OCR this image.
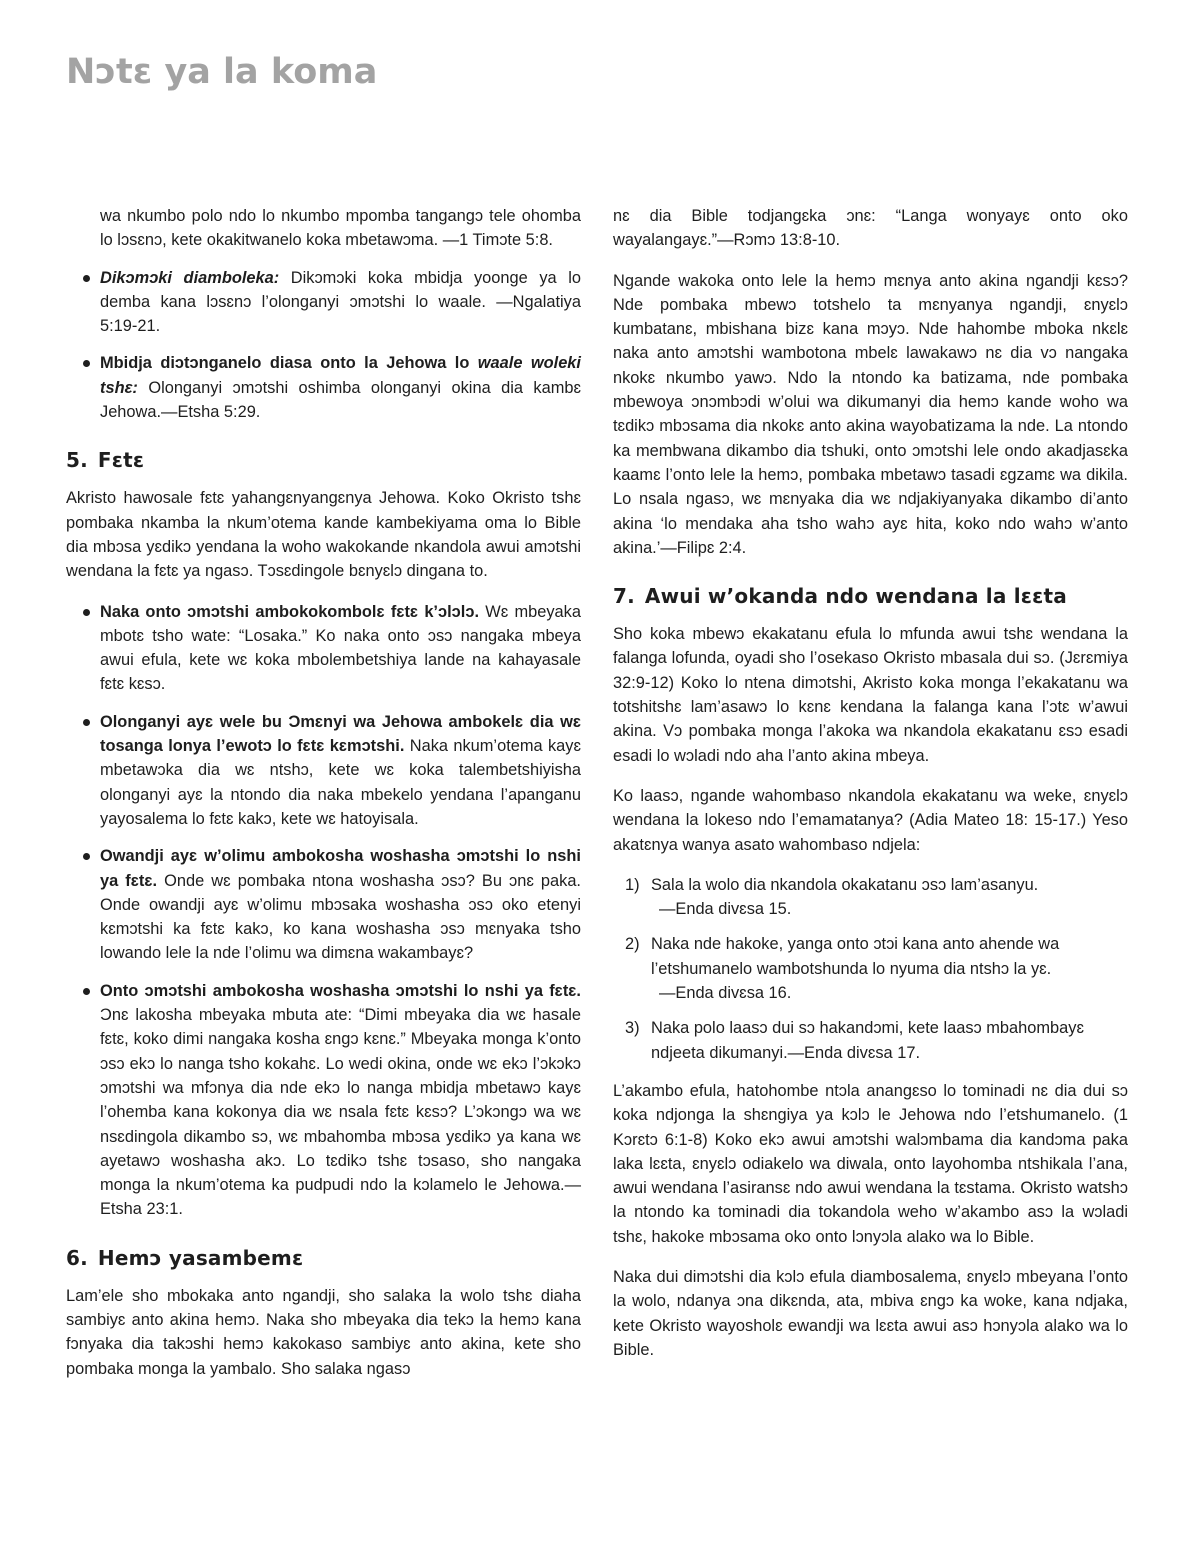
Nɔtɛ ya la koma
wa nkumbo polo ndo lo nkumbo mpomba tangangɔ tele ohomba lo lɔsɛnɔ, kete okakitwanelo koka mbetawɔma. —1 Timɔte 5:8.
Dikɔmɔki diamboleka: Dikɔmɔki koka mbidja yoonge ya lo demba kana lɔsɛnɔ l’olonganyi ɔmɔtshi lo waale. —Ngalatiya 5:19-21.
Mbidja diɔtɔnganelo diasa onto la Jehowa lo waale woleki tshɛ: Olonganyi ɔmɔtshi oshimba olonganyi okina dia kambɛ Jehowa.—Etsha 5:29.
5. Fɛtɛ

Akristo hawosale fɛtɛ yahangɛnyangɛnya Jehowa. Koko Okristo tshɛ pombaka nkamba la nkum’otema kande kambekiyama oma lo Bible dia mbɔsa yɛdikɔ yendana la woho wakokande nkandola awui amɔtshi wendana la fɛtɛ ya ngasɔ. Tɔsɛdingole bɛnyɛlɔ dingana to.

Naka onto ɔmɔtshi ambokokombolɛ fɛtɛ k’ɔlɔlɔ. Wɛ mbeyaka mbotɛ tsho wate: “Losaka.” Ko naka onto ɔsɔ nangaka mbeya awui efula, kete wɛ koka mbolembetshiya lande na kahayasale fɛtɛ kɛsɔ.
Olonganyi ayɛ wele bu Ɔmɛnyi wa Jehowa ambokelɛ dia wɛ tosanga lonya l’ewotɔ lo fɛtɛ kɛmɔtshi. Naka nkum’otema kayɛ mbetawɔka dia wɛ ntshɔ, kete wɛ koka talembetshiyisha olonganyi ayɛ la ntondo dia naka mbekelo yendana l’apanganu yayosalema lo fɛtɛ kakɔ, kete wɛ hatoyisala.
Owandji ayɛ w’olimu ambokosha woshasha ɔmɔtshi lo nshi ya fɛtɛ. Onde wɛ pombaka ntona woshasha ɔsɔ? Bu ɔnɛ paka. Onde owandji ayɛ w’olimu mbɔsaka woshasha ɔsɔ oko etenyi kɛmɔtshi ka fɛtɛ kakɔ, ko kana woshasha ɔsɔ mɛnyaka tsho lowando lele la nde l’olimu wa dimɛna wakambayɛ?
Onto ɔmɔtshi ambokosha woshasha ɔmɔtshi lo nshi ya fɛtɛ. Ɔnɛ lakosha mbeyaka mbuta ate: “Dimi mbeyaka dia wɛ hasale fɛtɛ, koko dimi nangaka kosha ɛngɔ kɛnɛ.” Mbeyaka monga k’onto ɔsɔ ekɔ lo nanga tsho kokahɛ. Lo wedi okina, onde wɛ ekɔ l’ɔkɔkɔ ɔmɔtshi wa mfɔnya dia nde ekɔ lo nanga mbidja mbetawɔ kayɛ l’ohemba kana kokonya dia wɛ nsala fɛtɛ kɛsɔ? L’ɔkɔngɔ wa wɛ nsɛdingola dikambo sɔ, wɛ mbahomba mbɔsa yɛdikɔ ya kana wɛ ayetawɔ woshasha akɔ. Lo tɛdikɔ tshɛ tɔsaso, sho nangaka monga la nkum’otema ka pudpudi ndo la kɔlamelo le Jehowa.—Etsha 23:1.
6. Hemɔ yasambemɛ

Lam’ele sho mbokaka anto ngandji, sho salaka la wolo tshɛ diaha sambiyɛ anto akina hemɔ. Naka sho mbeyaka dia tekɔ la hemɔ kana fɔnyaka dia takɔshi hemɔ kakokaso sambiyɛ anto akina, kete sho pombaka monga la yambalo. Sho salaka ngasɔ

nɛ dia Bible todjangɛka ɔnɛ: “Langa wonyayɛ onto oko wayalangayɛ.”—Rɔmɔ 13:8-10.

Ngande wakoka onto lele la hemɔ mɛnya anto akina ngandji kɛsɔ? Nde pombaka mbewɔ totshelo ta mɛnyanya ngandji, ɛnyɛlɔ kumbatanɛ, mbishana bizɛ kana mɔyɔ. Nde hahombe mboka nkɛlɛ naka anto amɔtshi wambotona mbelɛ lawakawɔ nɛ dia vɔ nangaka nkokɛ nkumbo yawɔ. Ndo la ntondo ka batizama, nde pombaka mbewoya ɔnɔmbɔdi w’olui wa dikumanyi dia hemɔ kande woho wa tɛdikɔ mbɔsama dia nkokɛ anto akina wayobatizama la nde. La ntondo ka membwana dikambo dia tshuki, onto ɔmɔtshi lele ondo akadjasɛka kaamɛ l’onto lele la hemɔ, pombaka mbetawɔ tasadi ɛgzamɛ wa dikila. Lo nsala ngasɔ, wɛ mɛnyaka dia wɛ ndjakiyanyaka dikambo di’anto akina ‘lo mendaka aha tsho wahɔ ayɛ hita, koko ndo wahɔ w’anto akina.’—Filipɛ 2:4.

7. Awui w’okanda ndo wendana la lɛɛta

Sho koka mbewɔ ekakatanu efula lo mfunda awui tshɛ wendana la falanga lofunda, oyadi sho l’osekaso Okristo mbasala dui sɔ. (Jɛrɛmiya 32:9-12) Koko lo ntena dimɔtshi, Akristo koka monga l’ekakatanu wa totshitshɛ lam’asawɔ lo kɛnɛ kendana la falanga kana l’ɔtɛ w’awui akina. Vɔ pombaka monga l’akoka wa nkandola ekakatanu ɛsɔ esadi esadi lo wɔladi ndo aha l’anto akina mbeya.

Ko laasɔ, ngande wahombaso nkandola ekakatanu wa weke, ɛnyɛlɔ wendana la lokeso ndo l’emamatanya? (Adia Mateo 18: 15-17.) Yeso akatɛnya wanya asato wahombaso ndjela:

1) Sala la wolo dia nkandola okakatanu ɔsɔ lam’asanyu.
—Enda divɛsa 15.
2) Naka nde hakoke, yanga onto ɔtɔi kana anto ahende wa l’etshumanelo wambotshunda lo nyuma dia ntshɔ la yɛ.
—Enda divɛsa 16.
3) Naka polo laasɔ dui sɔ hakandɔmi, kete laasɔ mbahombayɛ ndjeeta dikumanyi.—Enda divɛsa 17.

L’akambo efula, hatohombe ntɔla anangɛso lo tominadi nɛ dia dui sɔ koka ndjonga la shɛngiya ya kɔlɔ le Jehowa ndo l’etshumanelo. (1 Kɔrɛtɔ 6:1-8) Koko ekɔ awui amɔtshi walɔmbama dia kandɔma paka laka lɛɛta, ɛnyɛlɔ odiakelo wa diwala, onto layohomba ntshikala l’ana, awui wendana l’asiransɛ ndo awui wendana la tɛstama. Okristo watshɔ la ntondo ka tominadi dia tokandola weho w’akambo asɔ la wɔladi tshɛ, hakoke mbɔsama oko onto lɔnyɔla alako wa lo Bible.

Naka dui dimɔtshi dia kɔlɔ efula diambosalema, ɛnyɛlɔ mbeyana l’onto la wolo, ndanya ɔna dikɛnda, ata, mbiva ɛngɔ ka woke, kana ndjaka, kete Okristo wayosholɛ ewandji wa lɛɛta awui asɔ hɔnyɔla alako wa lo Bible.
